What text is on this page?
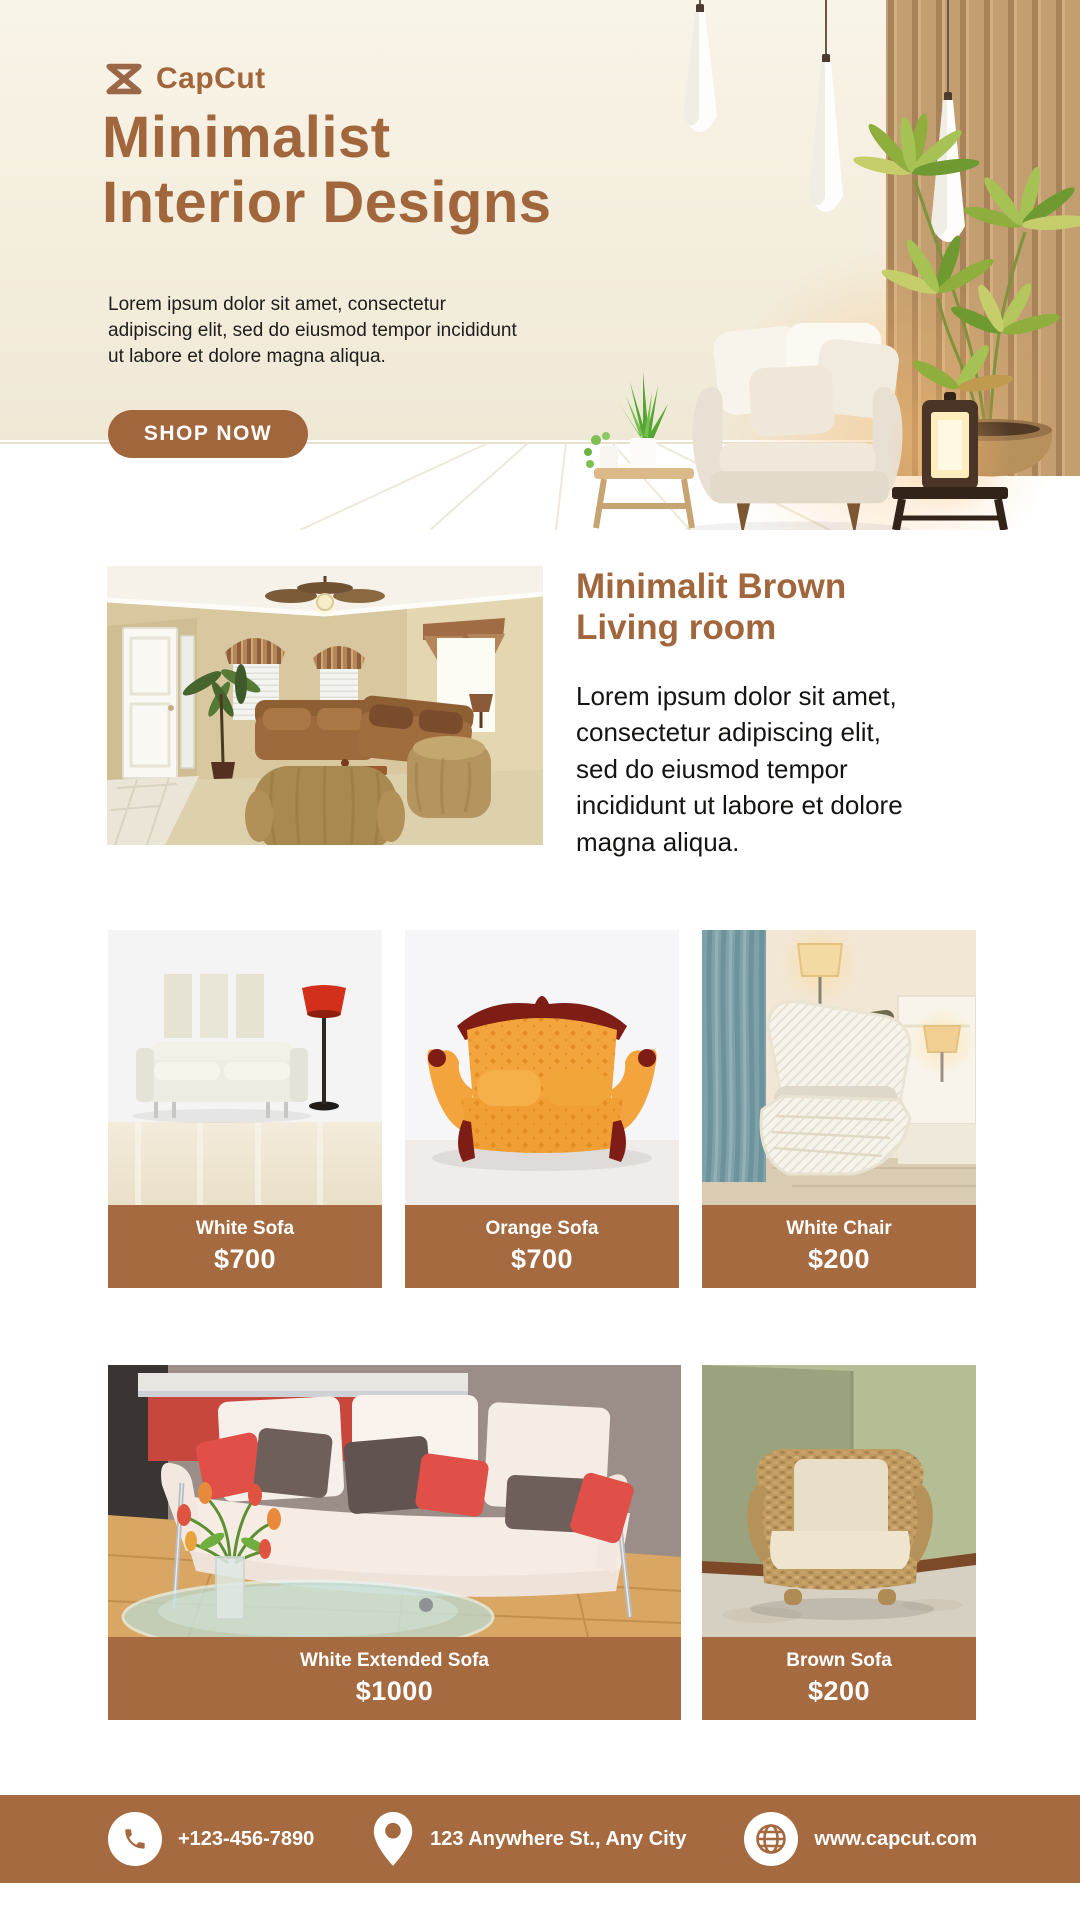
CapCut
Minimalist
Interior Designs

Lorem ipsum dolor sit amet, consectetur adipiscing elit, sed do eiusmod tempor incididunt ut labore et dolore magna aliqua.

SHOP NOW
Minimalit Brown
Living room

Lorem ipsum dolor sit amet, consectetur adipiscing elit, sed do eiusmod tempor incididunt ut labore et dolore magna aliqua.

White Sofa
$700
Orange Sofa
$700
White Chair
$200
White Extended Sofa
$1000
Brown Sofa
$200
+123-456-7890	123 Anywhere St., Any City	www.capcut.com
